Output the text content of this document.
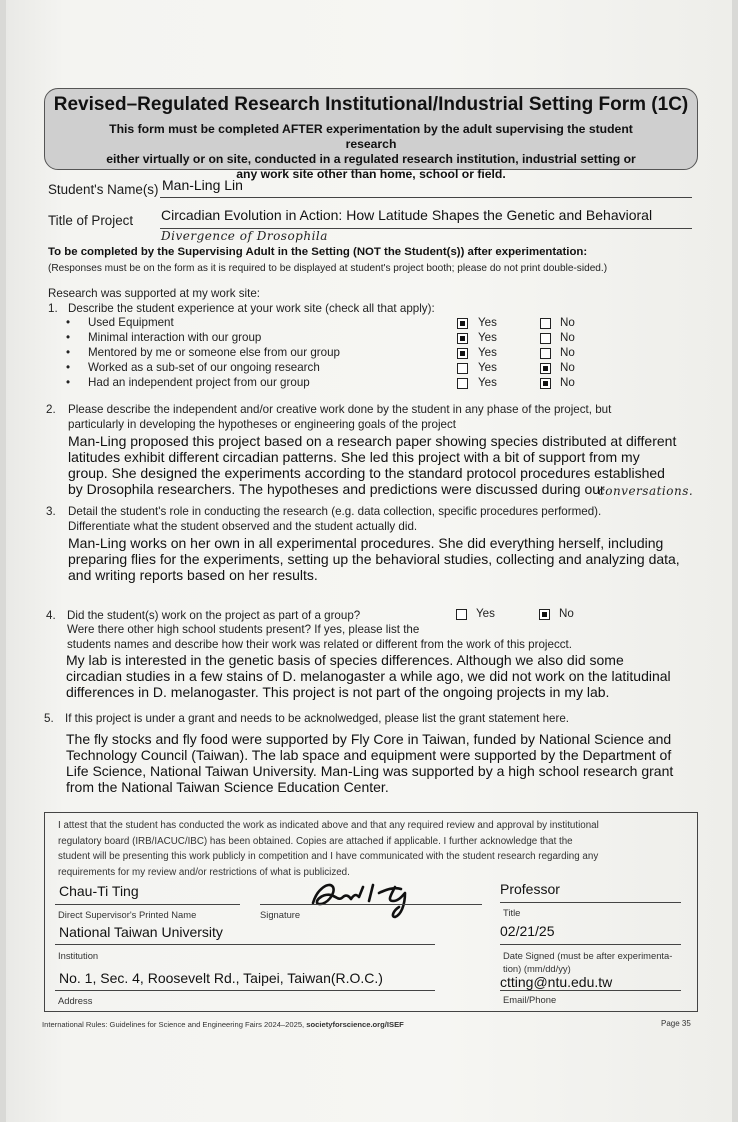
Revised–Regulated Research Institutional/Industrial Setting Form (1C)
This form must be completed AFTER experimentation by the adult supervising the student research
either virtually or on site, conducted in a regulated research institution, industrial setting or
any work site other than home, school or field.
Student's Name(s) Man-Ling Lin
Title of Project Circadian Evolution in Action: How Latitude Shapes the Genetic and Behavioral
Divergence of Drosophila
To be completed by the Supervising Adult in the Setting (NOT the Student(s)) after experimentation:
(Responses must be on the form as it is required to be displayed at student's project booth; please do not print double-sided.)
Research was supported at my work site:
1. Describe the student experience at your work site (check all that apply):
• Used Equipment	Yes	No
• Minimal interaction with our group	Yes	No
• Mentored by me or someone else from our group	Yes	No
• Worked as a sub-set of our ongoing research	Yes	No
• Had an independent project from our group	Yes	No
2. Please describe the independent and/or creative work done by the student in any phase of the project, but
particularly in developing the hypotheses or engineering goals of the project
Man-Ling proposed this project based on a research paper showing species distributed at different
latitudes exhibit different circadian patterns. She led this project with a bit of support from my
group. She designed the experiments according to the standard protocol procedures established
by Drosophila researchers. The hypotheses and predictions were discussed during our
conversations.
3. Detail the student's role in conducting the research (e.g. data collection, specific procedures performed).
Differentiate what the student observed and the student actually did.
Man-Ling works on her own in all experimental procedures. She did everything herself, including
preparing flies for the experiments, setting up the behavioral studies, collecting and analyzing data,
and writing reports based on her results.
4. Did the student(s) work on the project as part of a group?	Yes	No
Were there other high school students present? If yes, please list the
students names and describe how their work was related or different from the work of this projecct.
My lab is interested in the genetic basis of species differences. Although we also did some
circadian studies in a few stains of D. melanogaster a while ago, we did not work on the latitudinal
differences in D. melanogaster. This project is not part of the ongoing projects in my lab.
5. If this project is under a grant and needs to be acknolwedged, please list the grant statement here.
The fly stocks and fly food were supported by Fly Core in Taiwan, funded by National Science and
Technology Council (Taiwan). The lab space and equipment were supported by the Department of
Life Science, National Taiwan University. Man-Ling was supported by a high school research grant
from the National Taiwan Science Education Center.
I attest that the student has conducted the work as indicated above and that any required review and approval by institutional
regulatory board (IRB/IACUC/IBC) has been obtained. Copies are attached if applicable. I further acknowledge that the
student will be presenting this work publicly in competition and I have communicated with the student research regarding any
requirements for my review and/or restrictions of what is publicized.
Chau-Ti Ting
Direct Supervisor's Printed Name	Signature
Professor
Title
National Taiwan University
Institution
02/21/25
Date Signed (must be after experimenta-
tion) (mm/dd/yy)
No. 1, Sec. 4, Roosevelt Rd., Taipei, Taiwan(R.O.C.)
Address
ctting@ntu.edu.tw
Email/Phone
International Rules: Guidelines for Science and Engineering Fairs 2024–2025, societyforscience.org/ISEF	Page 35
